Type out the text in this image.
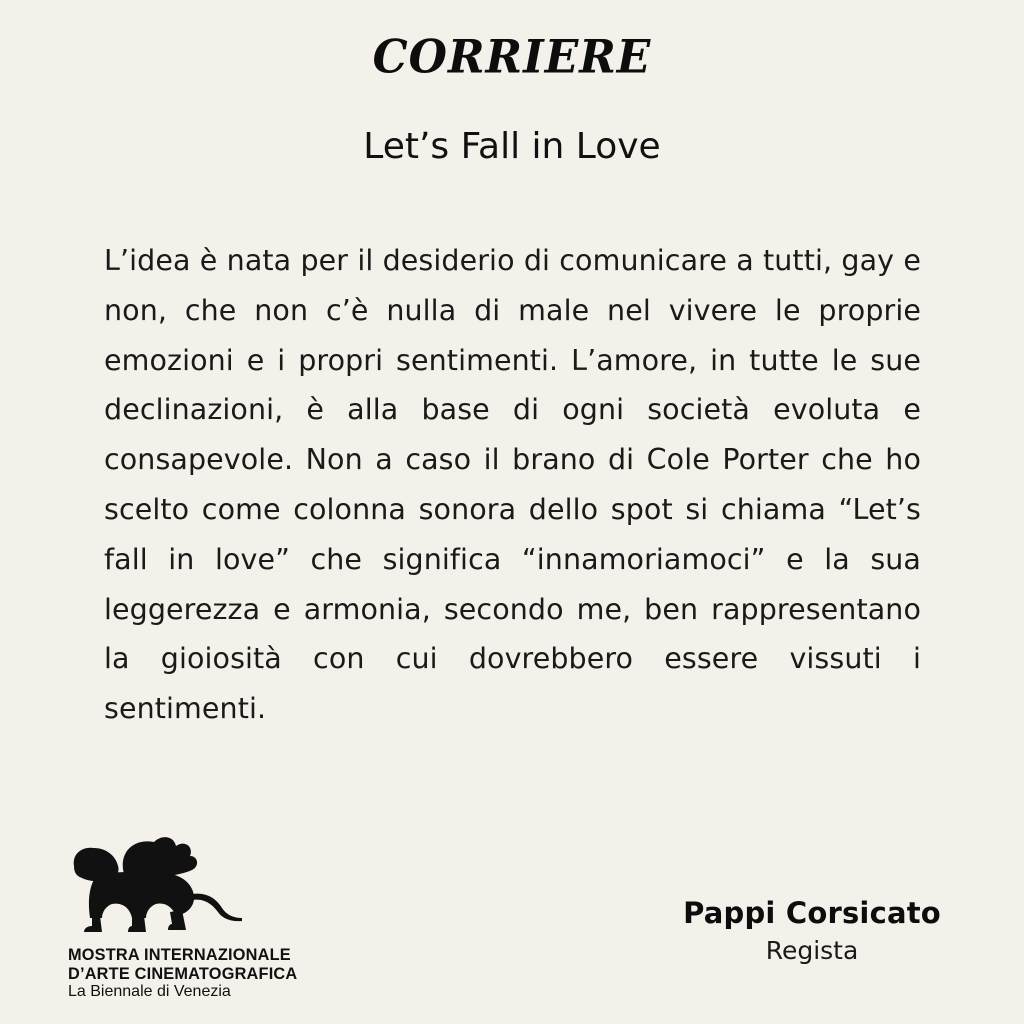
CORRIERE
Let’s Fall in Love

L’idea è nata per il desiderio di comunicare a tutti, gay e non, che non c’è nulla di male nel vivere le proprie emozioni e i propri sentimenti. L’amore, in tutte le sue declinazioni, è alla base di ogni società evoluta e consapevole. Non a caso il brano di Cole Porter che ho scelto come colonna sonora dello spot si chiama “Let’s fall in love” che significa “innamoriamoci” e la sua leggerezza e armonia, secondo me, ben rappresentano la gioiosità con cui dovrebbero essere vissuti i sentimenti.

MOSTRA INTERNAZIONALE
D’ARTE CINEMATOGRAFICA
La Biennale di Venezia
Pappi Corsicato
Regista
